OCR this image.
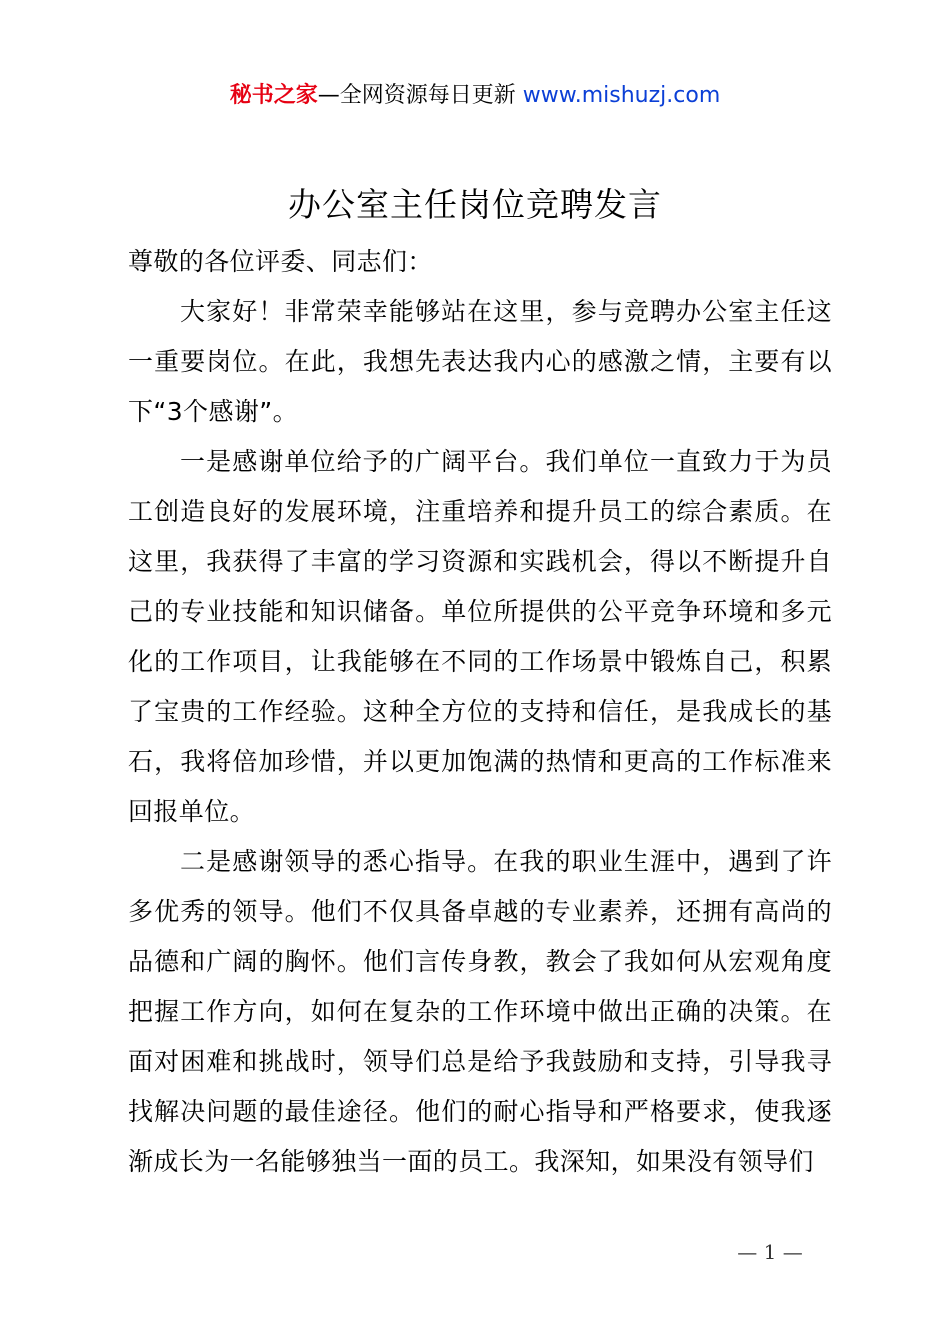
秘书之家—全网资源每日更新 www.mishuzj.com
办公室主任岗位竞聘发言

尊敬的各位评委、同志们：

大家好！非常荣幸能够站在这里，参与竞聘办公室主任这一重要岗位。在此，我想先表达我内心的感激之情，主要有以下“3个感谢”。

一是感谢单位给予的广阔平台。我们单位一直致力于为员工创造良好的发展环境，注重培养和提升员工的综合素质。在这里，我获得了丰富的学习资源和实践机会，得以不断提升自己的专业技能和知识储备。单位所提供的公平竞争环境和多元化的工作项目，让我能够在不同的工作场景中锻炼自己，积累了宝贵的工作经验。这种全方位的支持和信任，是我成长的基石，我将倍加珍惜，并以更加饱满的热情和更高的工作标准来回报单位。

二是感谢领导的悉心指导。在我的职业生涯中，遇到了许多优秀的领导。他们不仅具备卓越的专业素养，还拥有高尚的品德和广阔的胸怀。他们言传身教，教会了我如何从宏观角度把握工作方向，如何在复杂的工作环境中做出正确的决策。在面对困难和挑战时，领导们总是给予我鼓励和支持，引导我寻找解决问题的最佳途径。他们的耐心指导和严格要求，使我逐渐成长为一名能够独当一面的员工。我深知，如果没有领导们

— 1 —
